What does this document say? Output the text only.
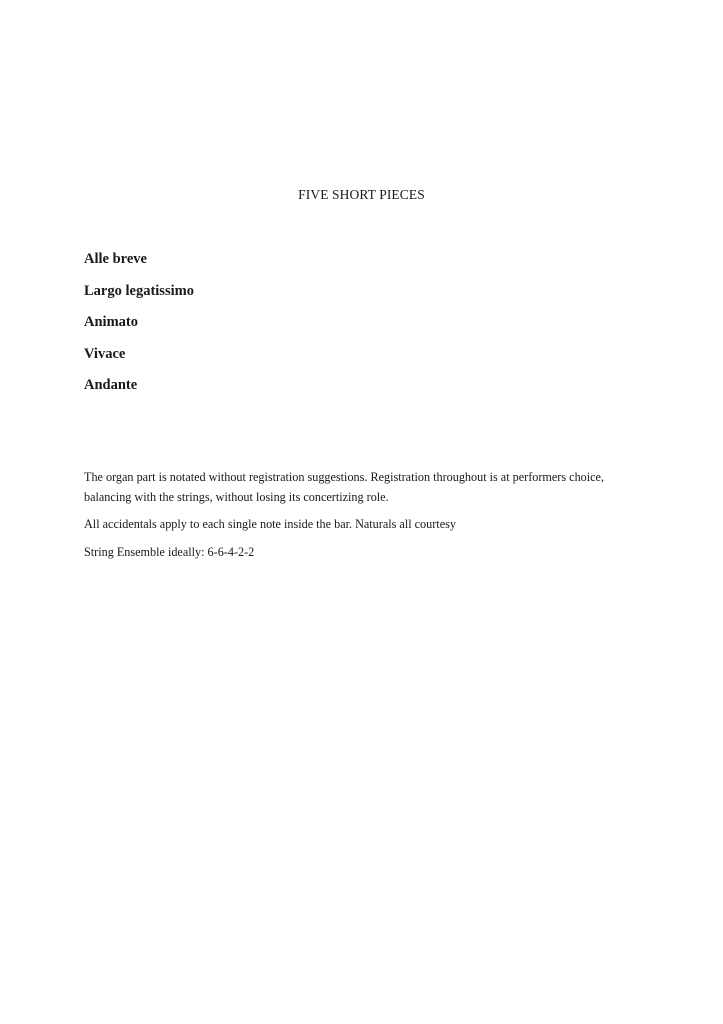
FIVE SHORT PIECES
Alle breve
Largo legatissimo
Animato
Vivace
Andante

The organ part is notated without registration suggestions. Registration throughout is at performers choice, balancing with the strings, without losing its concertizing role.

All accidentals apply to each single note inside the bar. Naturals all courtesy

String Ensemble ideally: 6-6-4-2-2
